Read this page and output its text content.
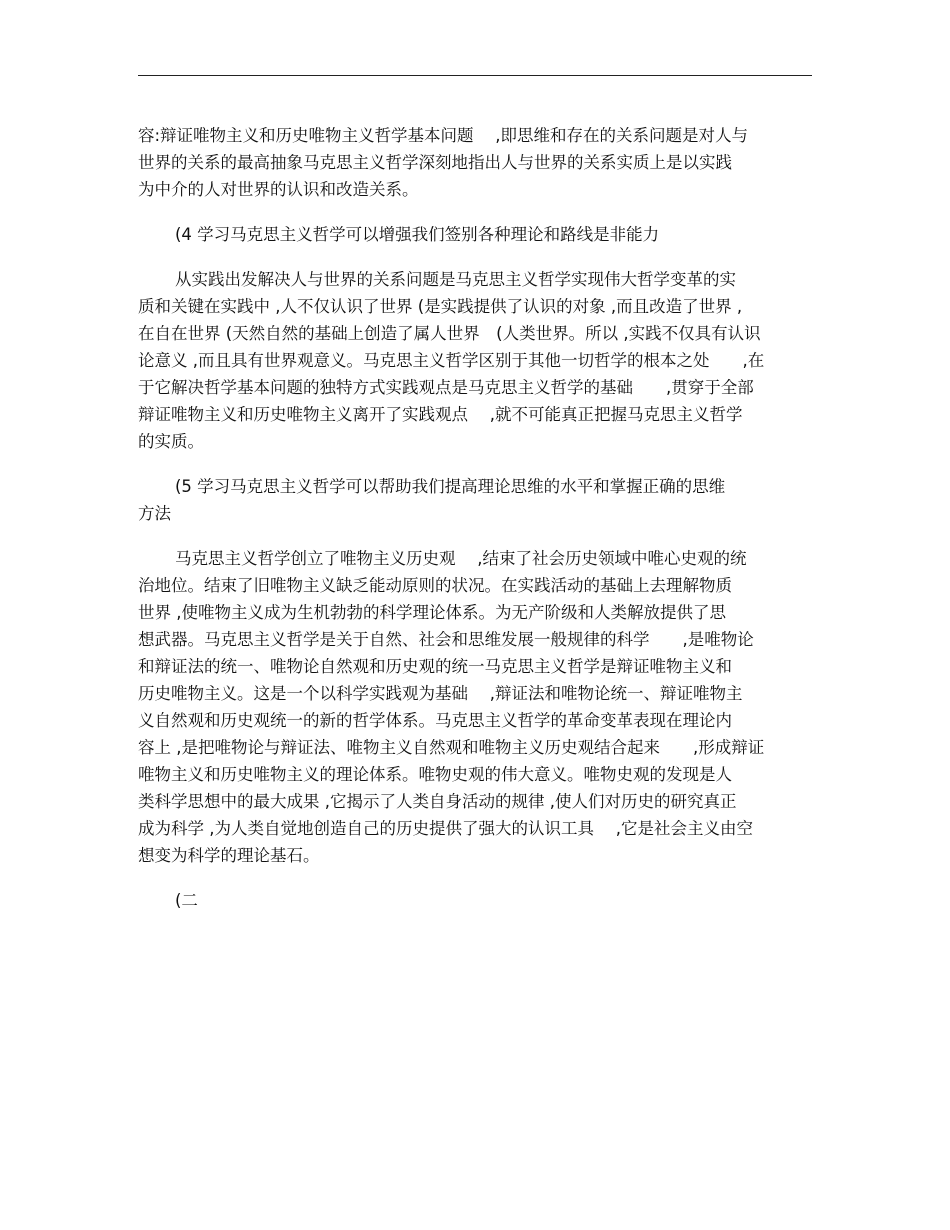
容:辩证唯物主义和历史唯物主义哲学基本问题　 ,即思维和存在的关系问题是对人与
世界的关系的最高抽象马克思主义哲学深刻地指出人与世界的关系实质上是以实践
为中介的人对世界的认识和改造关系。

(4 学习马克思主义哲学可以增强我们签别各种理论和路线是非能力

从实践出发解决人与世界的关系问题是马克思主义哲学实现伟大哲学变革的实
质和关键在实践中 ,人不仅认识了世界 (是实践提供了认识的对象 ,而且改造了世界 ,
在自在世界 (天然自然的基础上创造了属人世界　(人类世界。所以 ,实践不仅具有认识
论意义 ,而且具有世界观意义。马克思主义哲学区别于其他一切哲学的根本之处　　,在
于它解决哲学基本问题的独特方式实践观点是马克思主义哲学的基础　　,贯穿于全部
辩证唯物主义和历史唯物主义离开了实践观点　 ,就不可能真正把握马克思主义哲学
的实质。

(5 学习马克思主义哲学可以帮助我们提高理论思维的水平和掌握正确的思维
方法

马克思主义哲学创立了唯物主义历史观　 ,结束了社会历史领域中唯心史观的统
治地位。结束了旧唯物主义缺乏能动原则的状况。在实践活动的基础上去理解物质
世界 ,使唯物主义成为生机勃勃的科学理论体系。为无产阶级和人类解放提供了思
想武器。马克思主义哲学是关于自然、社会和思维发展一般规律的科学　　,是唯物论
和辩证法的统一、唯物论自然观和历史观的统一马克思主义哲学是辩证唯物主义和
历史唯物主义。这是一个以科学实践观为基础　 ,辩证法和唯物论统一、辩证唯物主
义自然观和历史观统一的新的哲学体系。马克思主义哲学的革命变革表现在理论内
容上 ,是把唯物论与辩证法、唯物主义自然观和唯物主义历史观结合起来　　,形成辩证
唯物主义和历史唯物主义的理论体系。唯物史观的伟大意义。唯物史观的发现是人
类科学思想中的最大成果 ,它揭示了人类自身活动的规律 ,使人们对历史的研究真正
成为科学 ,为人类自觉地创造自己的历史提供了强大的认识工具　 ,它是社会主义由空
想变为科学的理论基石。

(二
